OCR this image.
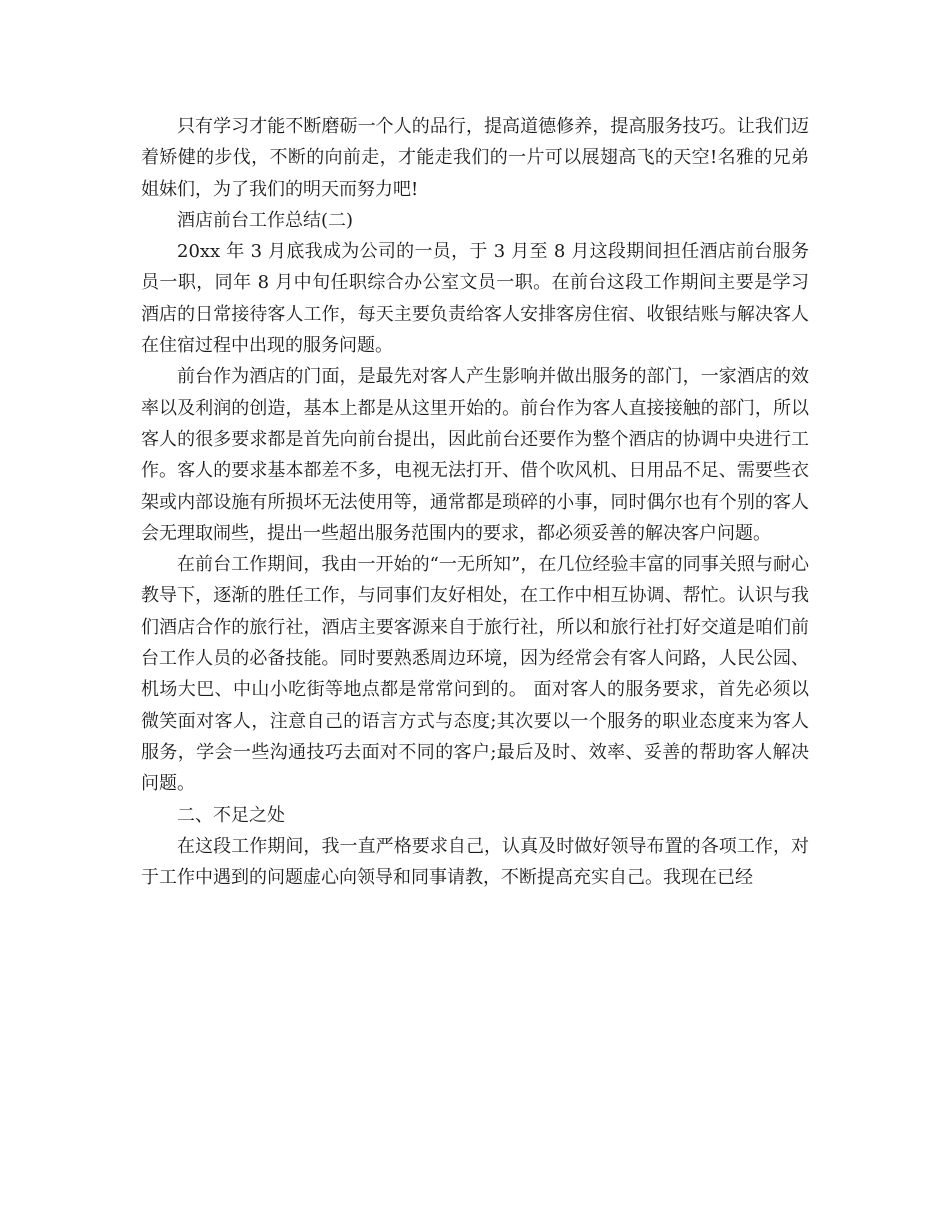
只有学习才能不断磨砺一个人的品行，提高道德修养，提高服务技巧。让我们迈着矫健的步伐，不断的向前走，才能走我们的一片可以展翅高飞的天空!名雅的兄弟姐妹们，为了我们的明天而努力吧!

酒店前台工作总结(二)

20xx 年 3 月底我成为公司的一员，于 3 月至 8 月这段期间担任酒店前台服务员一职，同年 8 月中旬任职综合办公室文员一职。在前台这段工作期间主要是学习酒店的日常接待客人工作，每天主要负责给客人安排客房住宿、收银结账与解决客人在住宿过程中出现的服务问题。

前台作为酒店的门面，是最先对客人产生影响并做出服务的部门，一家酒店的效率以及利润的创造，基本上都是从这里开始的。前台作为客人直接接触的部门，所以客人的很多要求都是首先向前台提出，因此前台还要作为整个酒店的协调中央进行工作。客人的要求基本都差不多，电视无法打开、借个吹风机、日用品不足、需要些衣架或内部设施有所损坏无法使用等，通常都是琐碎的小事，同时偶尔也有个别的客人会无理取闹些，提出一些超出服务范围内的要求，都必须妥善的解决客户问题。

在前台工作期间，我由一开始的“一无所知”，在几位经验丰富的同事关照与耐心教导下，逐渐的胜任工作，与同事们友好相处，在工作中相互协调、帮忙。认识与我们酒店合作的旅行社，酒店主要客源来自于旅行社，所以和旅行社打好交道是咱们前台工作人员的必备技能。同时要熟悉周边环境，因为经常会有客人问路，人民公园、机场大巴、中山小吃街等地点都是常常问到的。 面对客人的服务要求，首先必须以微笑面对客人，注意自己的语言方式与态度;其次要以一个服务的职业态度来为客人服务，学会一些沟通技巧去面对不同的客户;最后及时、效率、妥善的帮助客人解决问题。

二、不足之处

在这段工作期间，我一直严格要求自己，认真及时做好领导布置的各项工作，对于工作中遇到的问题虚心向领导和同事请教，不断提高充实自己。我现在已经
